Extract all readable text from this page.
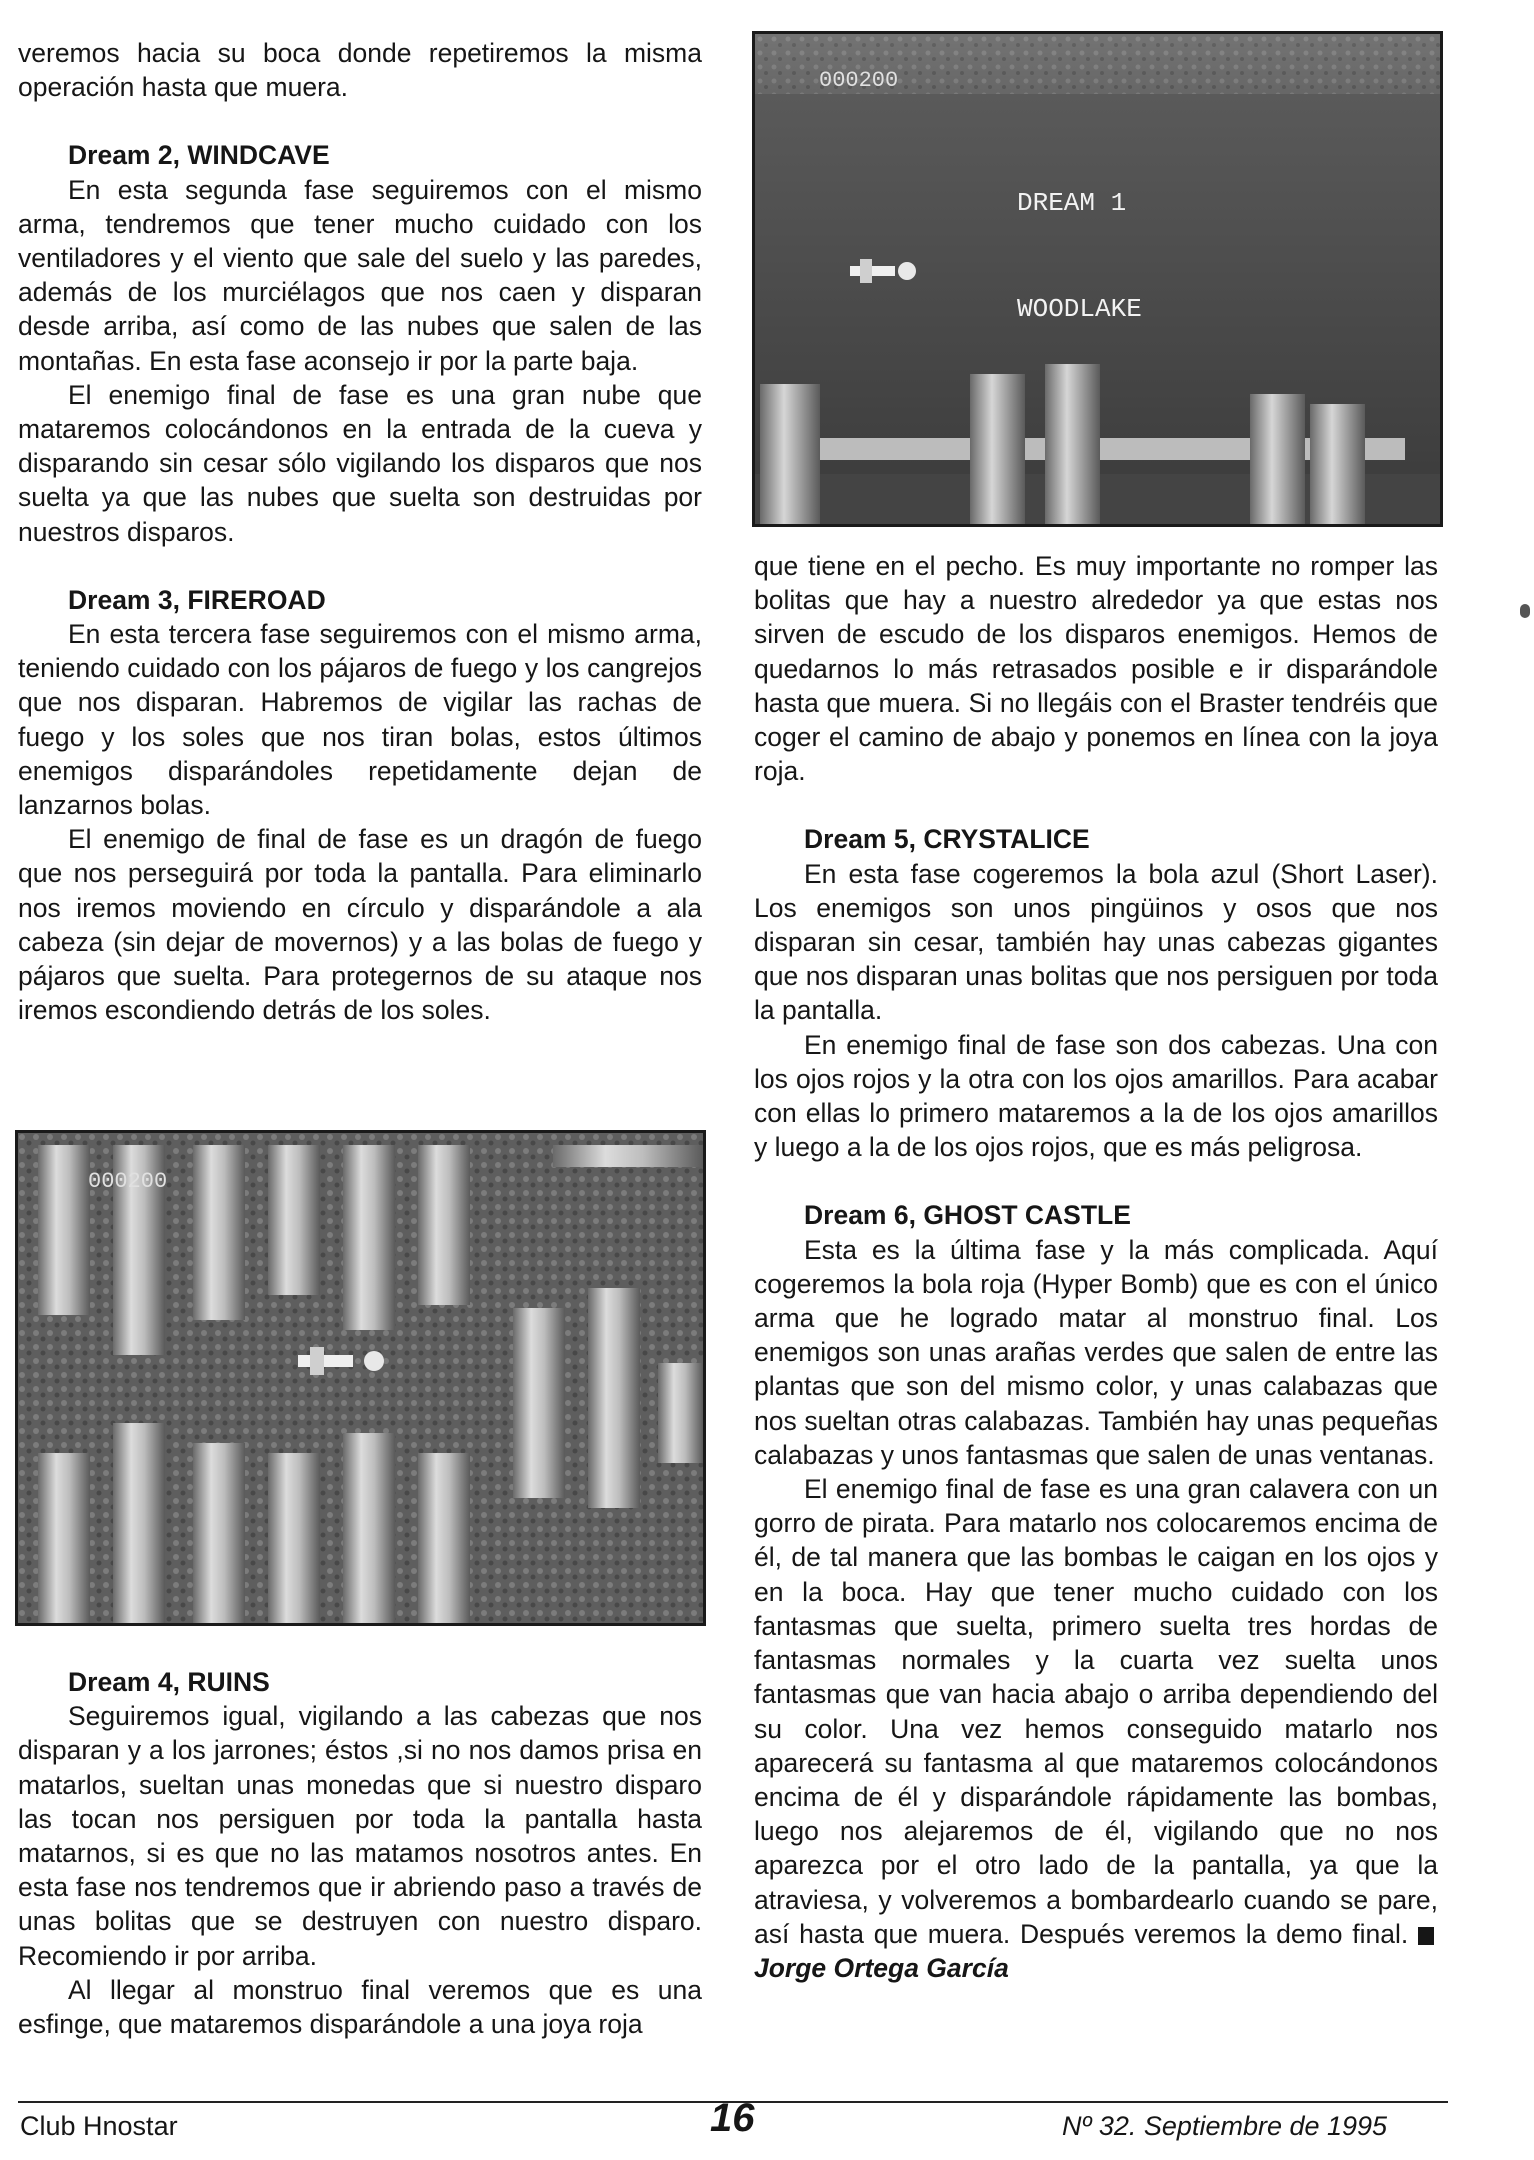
veremos hacia su boca donde repetiremos la misma operación hasta que muera.

Dream 2, WINDCAVE

En esta segunda fase seguiremos con el mismo arma, tendremos que tener mucho cuidado con los ventiladores y el viento que sale del suelo y las paredes, además de los murciélagos que nos caen y disparan desde arriba, así como de las nubes que salen de las montañas. En esta fase aconsejo ir por la parte baja.

El enemigo final de fase es una gran nube que mataremos colocándonos en la entrada de la cueva y disparando sin cesar sólo vigilando los disparos que nos suelta ya que las nubes que suelta son destruidas por nuestros disparos.

Dream 3, FIREROAD

En esta tercera fase seguiremos con el mismo arma, teniendo cuidado con los pájaros de fuego y los cangrejos que nos disparan. Habremos de vigilar las rachas de fuego y los soles que nos tiran bolas, estos últimos enemigos disparándoles repetidamente dejan de lanzarnos bolas.

El enemigo de final de fase es un dragón de fuego que nos perseguirá por toda la pantalla. Para eliminarlo nos iremos moviendo en círculo y disparándole a ala cabeza (sin dejar de movernos) y a las bolas de fuego y pájaros que suelta. Para protegernos de su ataque nos iremos escondiendo detrás de los soles.

000200
Dream 4, RUINS

Seguiremos igual, vigilando a las cabezas que nos disparan y a los jarrones; éstos ,si no nos damos prisa en matarlos, sueltan unas monedas que si nuestro disparo las tocan nos persiguen por toda la pantalla hasta matarnos, si es que no las matamos nosotros antes. En esta fase nos tendremos que ir abriendo paso a través de unas bolitas que se destruyen con nuestro disparo. Recomiendo ir por arriba.

Al llegar al monstruo final veremos que es una esfinge, que mataremos disparándole a una joya roja

000200
DREAM 1
WOODLAKE

que tiene en el pecho. Es muy importante no romper las bolitas que hay a nuestro alrededor ya que estas nos sirven de escudo de los disparos enemigos. Hemos de quedarnos lo más retrasados posible e ir disparándole hasta que muera. Si no llegáis con el Braster tendréis que coger el camino de abajo y ponemos en línea con la joya roja.

Dream 5, CRYSTALICE

En esta fase cogeremos la bola azul (Short Laser). Los enemigos son unos pingüinos y osos que nos disparan sin cesar, también hay unas cabezas gigantes que nos disparan unas bolitas que nos persiguen por toda la pantalla.

En enemigo final de fase son dos cabezas. Una con los ojos rojos y la otra con los ojos amarillos. Para acabar con ellas lo primero mataremos a la de los ojos amarillos y luego a la de los ojos rojos, que es más peligrosa.

Dream 6, GHOST CASTLE

Esta es la última fase y la más complicada. Aquí cogeremos la bola roja (Hyper Bomb) que es con el único arma que he logrado matar al monstruo final. Los enemigos son unas arañas verdes que salen de entre las plantas que son del mismo color, y unas calabazas que nos sueltan otras calabazas. También hay unas pequeñas calabazas y unos fantasmas que salen de unas ventanas.

El enemigo final de fase es una gran calavera con un gorro de pirata. Para matarlo nos colocaremos encima de él, de tal manera que las bombas le caigan en los ojos y en la boca. Hay que tener mucho cuidado con los fantasmas que suelta, primero suelta tres hordas de fantasmas normales y la cuarta vez suelta unos fantasmas que van hacia abajo o arriba dependiendo del su color. Una vez hemos conseguido matarlo nos aparecerá su fantasma al que mataremos colocándonos encima de él y disparándole rápidamente las bombas, luego nos alejaremos de él, vigilando que no nos aparezca por el otro lado de la pantalla, ya que la atraviesa, y volveremos a bombardearlo cuando se pare, así hasta que muera. Después veremos la demo final. Jorge Ortega García

Club Hnostar	16	Nº 32. Septiembre de 1995
